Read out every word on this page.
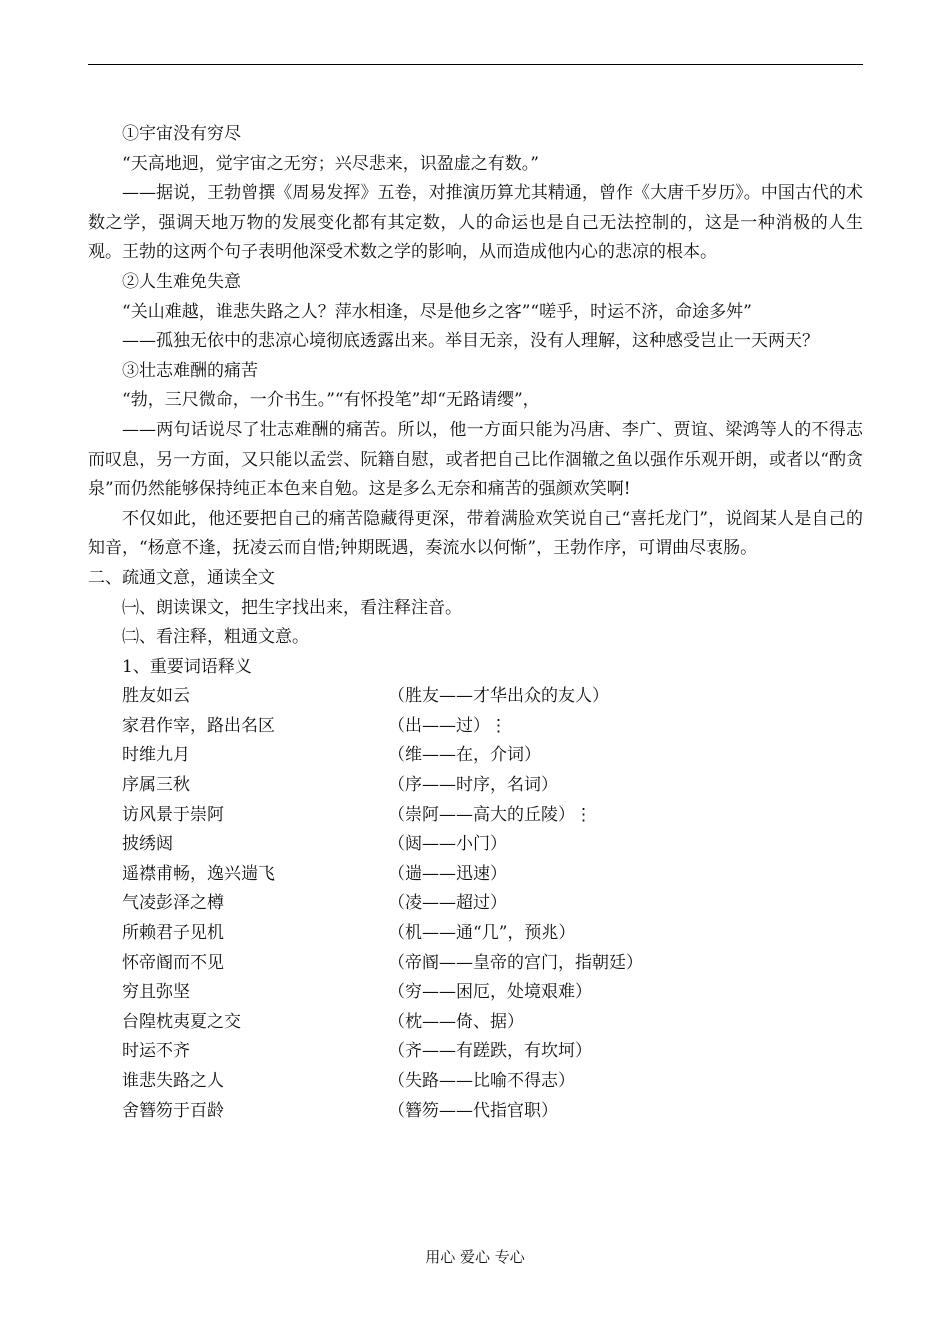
①宇宙没有穷尽

“天高地迥，觉宇宙之无穷；兴尽悲来，识盈虚之有数。”

——据说，王勃曾撰《周易发挥》五卷，对推演历算尤其精通，曾作《大唐千岁历》。中国古代的术数之学，强调天地万物的发展变化都有其定数，人的命运也是自己无法控制的，这是一种消极的人生观。王勃的这两个句子表明他深受术数之学的影响，从而造成他内心的悲凉的根本。

②人生难免失意

“关山难越，谁悲失路之人？萍水相逢，尽是他乡之客”“嗟乎，时运不济，命途多舛”

——孤独无依中的悲凉心境彻底透露出来。举目无亲，没有人理解，这种感受岂止一天两天？

③壮志难酬的痛苦

“勃，三尺微命，一介书生。”“有怀投笔”却“无路请缨”，

——两句话说尽了壮志难酬的痛苦。所以，他一方面只能为冯唐、李广、贾谊、梁鸿等人的不得志而叹息，另一方面，又只能以孟尝、阮籍自慰，或者把自己比作涸辙之鱼以强作乐观开朗，或者以“酌贪泉”而仍然能够保持纯正本色来自勉。这是多么无奈和痛苦的强颜欢笑啊!

不仅如此，他还要把自己的痛苦隐藏得更深，带着满脸欢笑说自己“喜托龙门”，说阎某人是自己的知音，“杨意不逢，抚凌云而自惜;钟期既遇，奏流水以何惭”，王勃作序，可谓曲尽衷肠。

二、疏通文意，通读全文

㈠、朗读课文，把生字找出来，看注释注音。

㈡、看注释，粗通文意。

1、重要词语释义

胜友如云	（胜友——才华出众的友人）
家君作宰，路出名区	（出——过）⋮
时维九月	（维——在，介词）
序属三秋	（序——时序，名词）
访风景于崇阿	（崇阿——高大的丘陵）⋮
披绣闼	（闼——小门）
遥襟甫畅，逸兴遄飞	（遄——迅速）
气凌彭泽之樽	（凌——超过）
所赖君子见机	（机——通“几”，预兆）
怀帝阍而不见	（帝阍——皇帝的宫门，指朝廷）
穷且弥坚	（穷——困厄，处境艰难）
台隍枕夷夏之交	（枕——倚、据）
时运不齐	（齐——有蹉跌，有坎坷）
谁悲失路之人	（失路——比喻不得志）
舍簪笏于百龄	（簪笏——代指官职）
用心 爱心 专心
